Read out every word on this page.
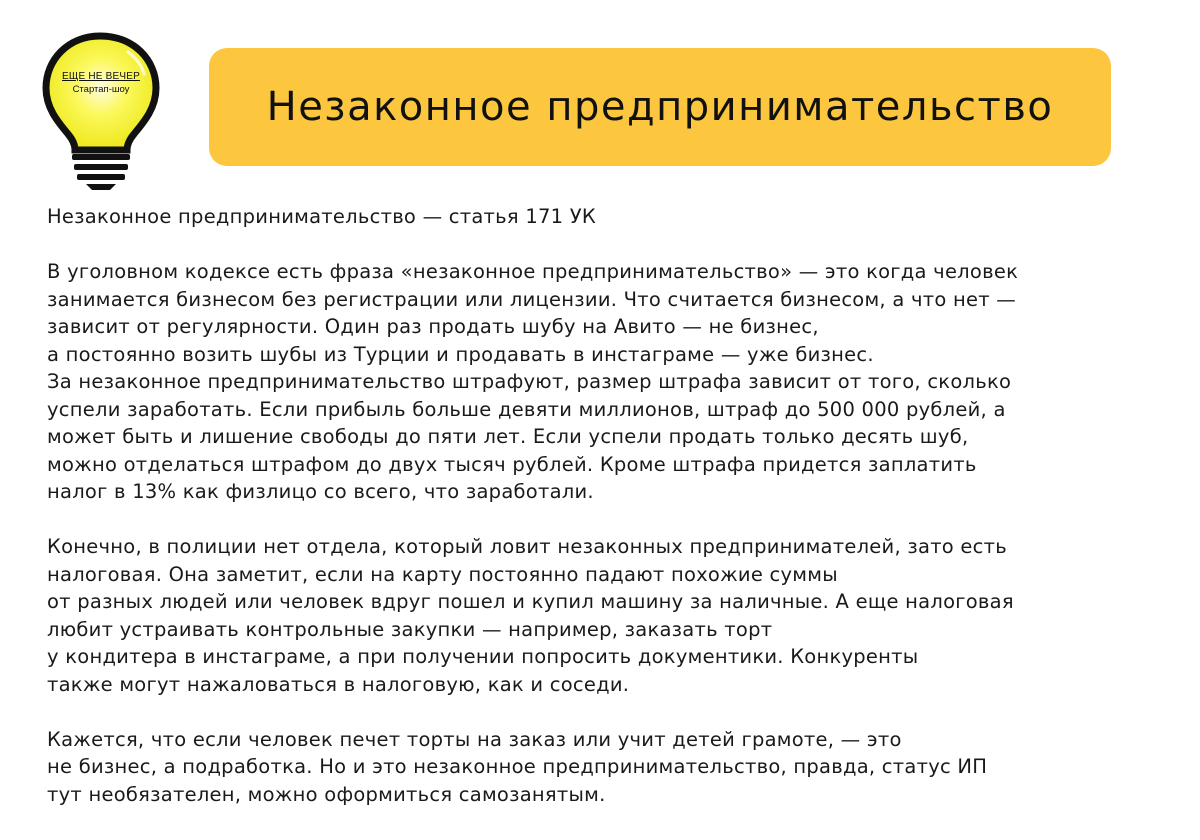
ЕЩЕ НЕ ВЕЧЕР
Стартап-шоу	Незаконное предпринимательство
Незаконное предпринимательство — статья 171 УК
В уголовном кодексе есть фраза «незаконное предпринимательство» — это когда человек
занимается бизнесом без регистрации или лицензии. Что считается бизнесом, а что нет —
зависит от регулярности. Один раз продать шубу на Авито — не бизнес,
а постоянно возить шубы из Турции и продавать в инстаграме — уже бизнес.
За незаконное предпринимательство штрафуют, размер штрафа зависит от того, сколько
успели заработать. Если прибыль больше девяти миллионов, штраф до 500 000 рублей, а
может быть и лишение свободы до пяти лет. Если успели продать только десять шуб,
можно отделаться штрафом до двух тысяч рублей. Кроме штрафа придется заплатить
налог в 13% как физлицо со всего, что заработали.
Конечно, в полиции нет отдела, который ловит незаконных предпринимателей, зато есть
налоговая. Она заметит, если на карту постоянно падают похожие суммы
от разных людей или человек вдруг пошел и купил машину за наличные. А еще налоговая
любит устраивать контрольные закупки — например, заказать торт
у кондитера в инстаграме, а при получении попросить документики. Конкуренты
также могут нажаловаться в налоговую, как и соседи.
Кажется, что если человек печет торты на заказ или учит детей грамоте, — это
не бизнес, а подработка. Но и это незаконное предпринимательство, правда, статус ИП
тут необязателен, можно оформиться самозанятым.
